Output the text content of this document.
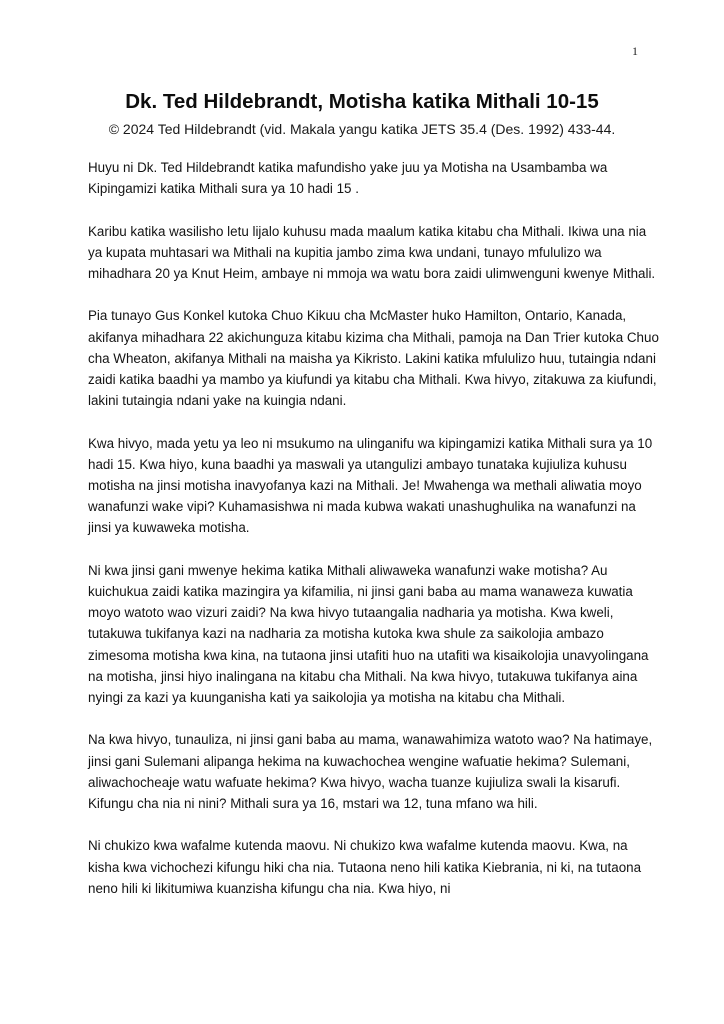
1
Dk. Ted Hildebrandt, Motisha katika Mithali 10-15
© 2024 Ted Hildebrandt (vid. Makala yangu katika JETS 35.4 (Des. 1992) 433-44.

Huyu ni Dk. Ted Hildebrandt katika mafundisho yake juu ya Motisha na Usambamba wa Kipingamizi katika Mithali sura ya 10 hadi 15 .

Karibu katika wasilisho letu lijalo kuhusu mada maalum katika kitabu cha Mithali. Ikiwa una nia ya kupata muhtasari wa Mithali na kupitia jambo zima kwa undani, tunayo mfululizo wa mihadhara 20 ya Knut Heim, ambaye ni mmoja wa watu bora zaidi ulimwenguni kwenye Mithali.

Pia tunayo Gus Konkel kutoka Chuo Kikuu cha McMaster huko Hamilton, Ontario, Kanada, akifanya mihadhara 22 akichunguza kitabu kizima cha Mithali, pamoja na Dan Trier kutoka Chuo cha Wheaton, akifanya Mithali na maisha ya Kikristo. Lakini katika mfululizo huu, tutaingia ndani zaidi katika baadhi ya mambo ya kiufundi ya kitabu cha Mithali. Kwa hivyo, zitakuwa za kiufundi, lakini tutaingia ndani yake na kuingia ndani.

Kwa hivyo, mada yetu ya leo ni msukumo na ulinganifu wa kipingamizi katika Mithali sura ya 10 hadi 15. Kwa hiyo, kuna baadhi ya maswali ya utangulizi ambayo tunataka kujiuliza kuhusu motisha na jinsi motisha inavyofanya kazi na Mithali. Je! Mwahenga wa methali aliwatia moyo wanafunzi wake vipi? Kuhamasishwa ni mada kubwa wakati unashughulika na wanafunzi na jinsi ya kuwaweka motisha.

Ni kwa jinsi gani mwenye hekima katika Mithali aliwaweka wanafunzi wake motisha? Au kuichukua zaidi katika mazingira ya kifamilia, ni jinsi gani baba au mama wanaweza kuwatia moyo watoto wao vizuri zaidi? Na kwa hivyo tutaangalia nadharia ya motisha. Kwa kweli, tutakuwa tukifanya kazi na nadharia za motisha kutoka kwa shule za saikolojia ambazo zimesoma motisha kwa kina, na tutaona jinsi utafiti huo na utafiti wa kisaikolojia unavyolingana na motisha, jinsi hiyo inalingana na kitabu cha Mithali. Na kwa hivyo, tutakuwa tukifanya aina nyingi za kazi ya kuunganisha kati ya saikolojia ya motisha na kitabu cha Mithali.

Na kwa hivyo, tunauliza, ni jinsi gani baba au mama, wanawahimiza watoto wao? Na hatimaye, jinsi gani Sulemani alipanga hekima na kuwachochea wengine wafuatie hekima? Sulemani, aliwachocheaje watu wafuate hekima? Kwa hivyo, wacha tuanze kujiuliza swali la kisarufi. Kifungu cha nia ni nini? Mithali sura ya 16, mstari wa 12, tuna mfano wa hili.

Ni chukizo kwa wafalme kutenda maovu. Ni chukizo kwa wafalme kutenda maovu. Kwa, na kisha kwa vichochezi kifungu hiki cha nia. Tutaona neno hili katika Kiebrania, ni ki, na tutaona neno hili ki likitumiwa kuanzisha kifungu cha nia. Kwa hiyo, ni
